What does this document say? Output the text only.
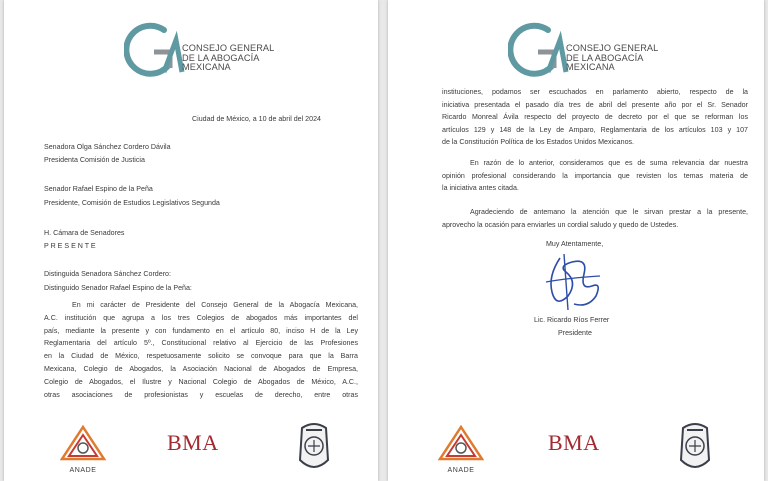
CONSEJO GENERAL
DE LA ABOGACÍA
MEXICANA
Ciudad de México, a 10 de abril del 2024
Senadora Olga Sánchez Cordero Dávila
Presidenta Comisión de Justicia
Senador Rafael Espino de la Peña
Presidente, Comisión de Estudios Legislativos Segunda
H. Cámara de Senadores
P R E S E N T E
Distinguida Senadora Sánchez Cordero:
Distinguido Senador Rafael Espino de la Peña:
En mi carácter de Presidente del Consejo General de la Abogacía Mexicana,
A.C. institución que agrupa a los tres Colegios de abogados más importantes del
país, mediante la presente y con fundamento en el artículo 80, inciso H de la Ley
Reglamentaria del artículo 5º., Constitucional relativo al Ejercicio de las Profesiones
en la Ciudad de México, respetuosamente solicito se convoque para que la Barra
Mexicana, Colegio de Abogados, la Asociación Nacional de Abogados de Empresa,
Colegio de Abogados, el Ilustre y Nacional Colegio de Abogados de México, A.C.,
otras asociaciones de profesionistas y escuelas de derecho, entre otras
ANADE
BMA
CONSEJO GENERAL
DE LA ABOGACÍA
MEXICANA
instituciones, podamos ser escuchados en parlamento abierto, respecto de la
iniciativa presentada el pasado día tres de abril del presente año por el Sr. Senador
Ricardo Monreal Ávila respecto del proyecto de decreto por el que se reforman los
artículos 129 y 148 de la Ley de Amparo, Reglamentaria de los artículos 103 y 107
de la Constitución Política de los Estados Unidos Mexicanos.
En razón de lo anterior, consideramos que es de suma relevancia dar nuestra
opinión profesional considerando la importancia que revisten los temas materia de
la iniciativa antes citada.
Agradeciendo de antemano la atención que le sirvan prestar a la presente,
aprovecho la ocasión para enviarles un cordial saludo y quedo de Ustedes.
Muy Atentamente,
Lic. Ricardo Ríos Ferrer
Presidente
ANADE
BMA
